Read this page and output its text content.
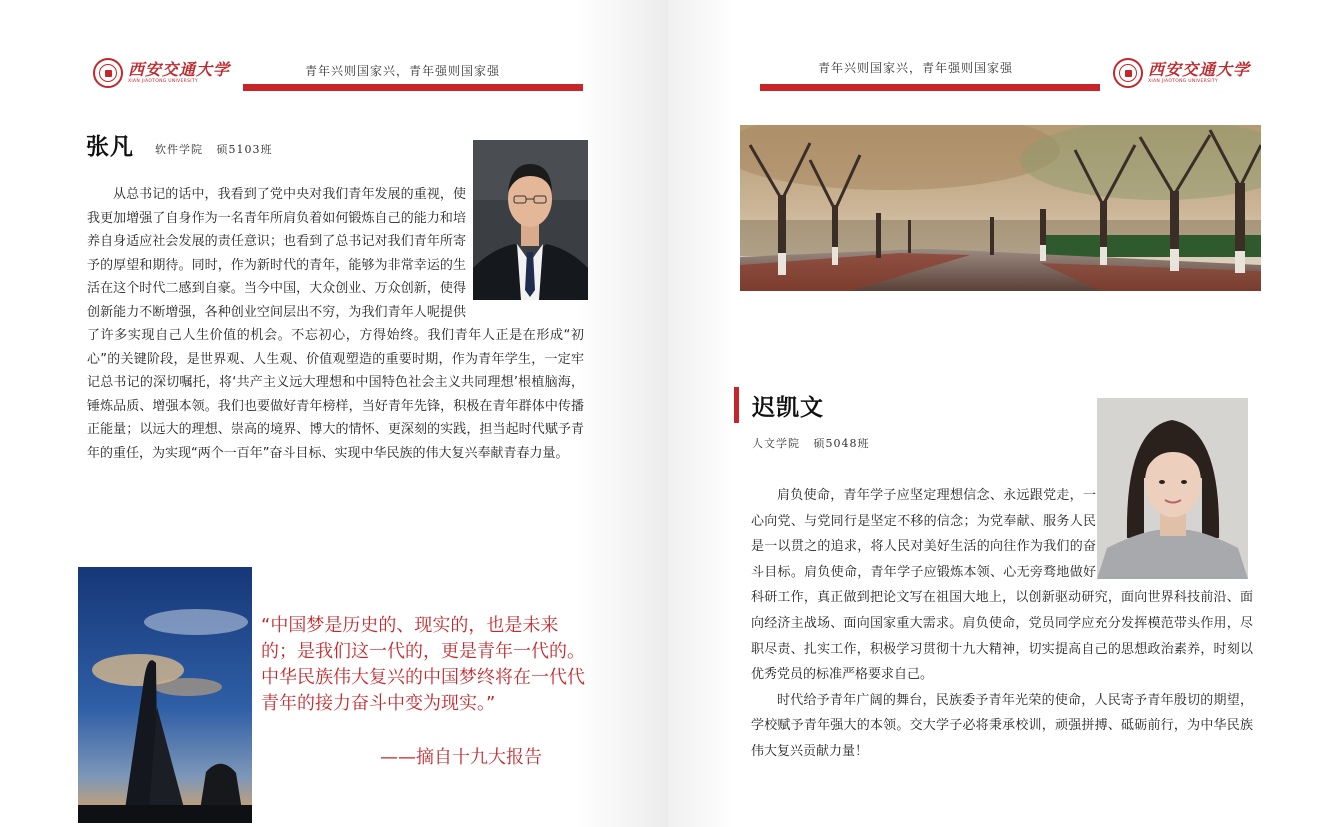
西安交通大学
XIAN JIAOTONG UNIVERSITY
青年兴则国家兴，青年强则国家强
张凡 软件学院 硕5103班

从总书记的话中，我看到了党中央对我们青年发展的重视，使我更加增强了自身作为一名青年所肩负着如何锻炼自己的能力和培养自身适应社会发展的责任意识；也看到了总书记对我们青年所寄予的厚望和期待。同时，作为新时代的青年，能够为非常幸运的生活在这个时代二感到自豪。当今中国，大众创业、万众创新，使得创新能力不断增强，各种创业空间层出不穷，为我们青年人呢提供了许多实现自己人生价值的机会。不忘初心，方得始终。我们青年人正是在形成“初心”的关键阶段，是世界观、人生观、价值观塑造的重要时期，作为青年学生，一定牢记总书记的深切嘱托，将‘共产主义远大理想和中国特色社会主义共同理想’根植脑海，锤炼品质、增强本领。我们也要做好青年榜样，当好青年先锋，积极在青年群体中传播正能量；以远大的理想、崇高的境界、博大的情怀、更深刻的实践，担当起时代赋予青年的重任，为实现“两个一百年”奋斗目标、实现中华民族的伟大复兴奉献青春力量。

“中国梦是历史的、现实的，也是未来的；是我们这一代的，更是青年一代的。中华民族伟大复兴的中国梦终将在一代代青年的接力奋斗中变为现实。”
——摘自十九大报告
青年兴则国家兴，青年强则国家强	西安交通大学
XIAN JIAOTONG UNIVERSITY
迟凯文
人文学院 硕5048班

肩负使命，青年学子应坚定理想信念、永远跟党走，一心向党、与党同行是坚定不移的信念；为党奉献、服务人民是一以贯之的追求，将人民对美好生活的向往作为我们的奋斗目标。肩负使命，青年学子应锻炼本领、心无旁骛地做好科研工作，真正做到把论文写在祖国大地上，以创新驱动研究，面向世界科技前沿、面向经济主战场、面向国家重大需求。肩负使命，党员同学应充分发挥模范带头作用，尽职尽责、扎实工作，积极学习贯彻十九大精神，切实提高自己的思想政治素养，时刻以优秀党员的标准严格要求自己。

时代给予青年广阔的舞台，民族委予青年光荣的使命，人民寄予青年殷切的期望，学校赋予青年强大的本领。交大学子必将秉承校训，顽强拼搏、砥砺前行，为中华民族伟大复兴贡献力量！
